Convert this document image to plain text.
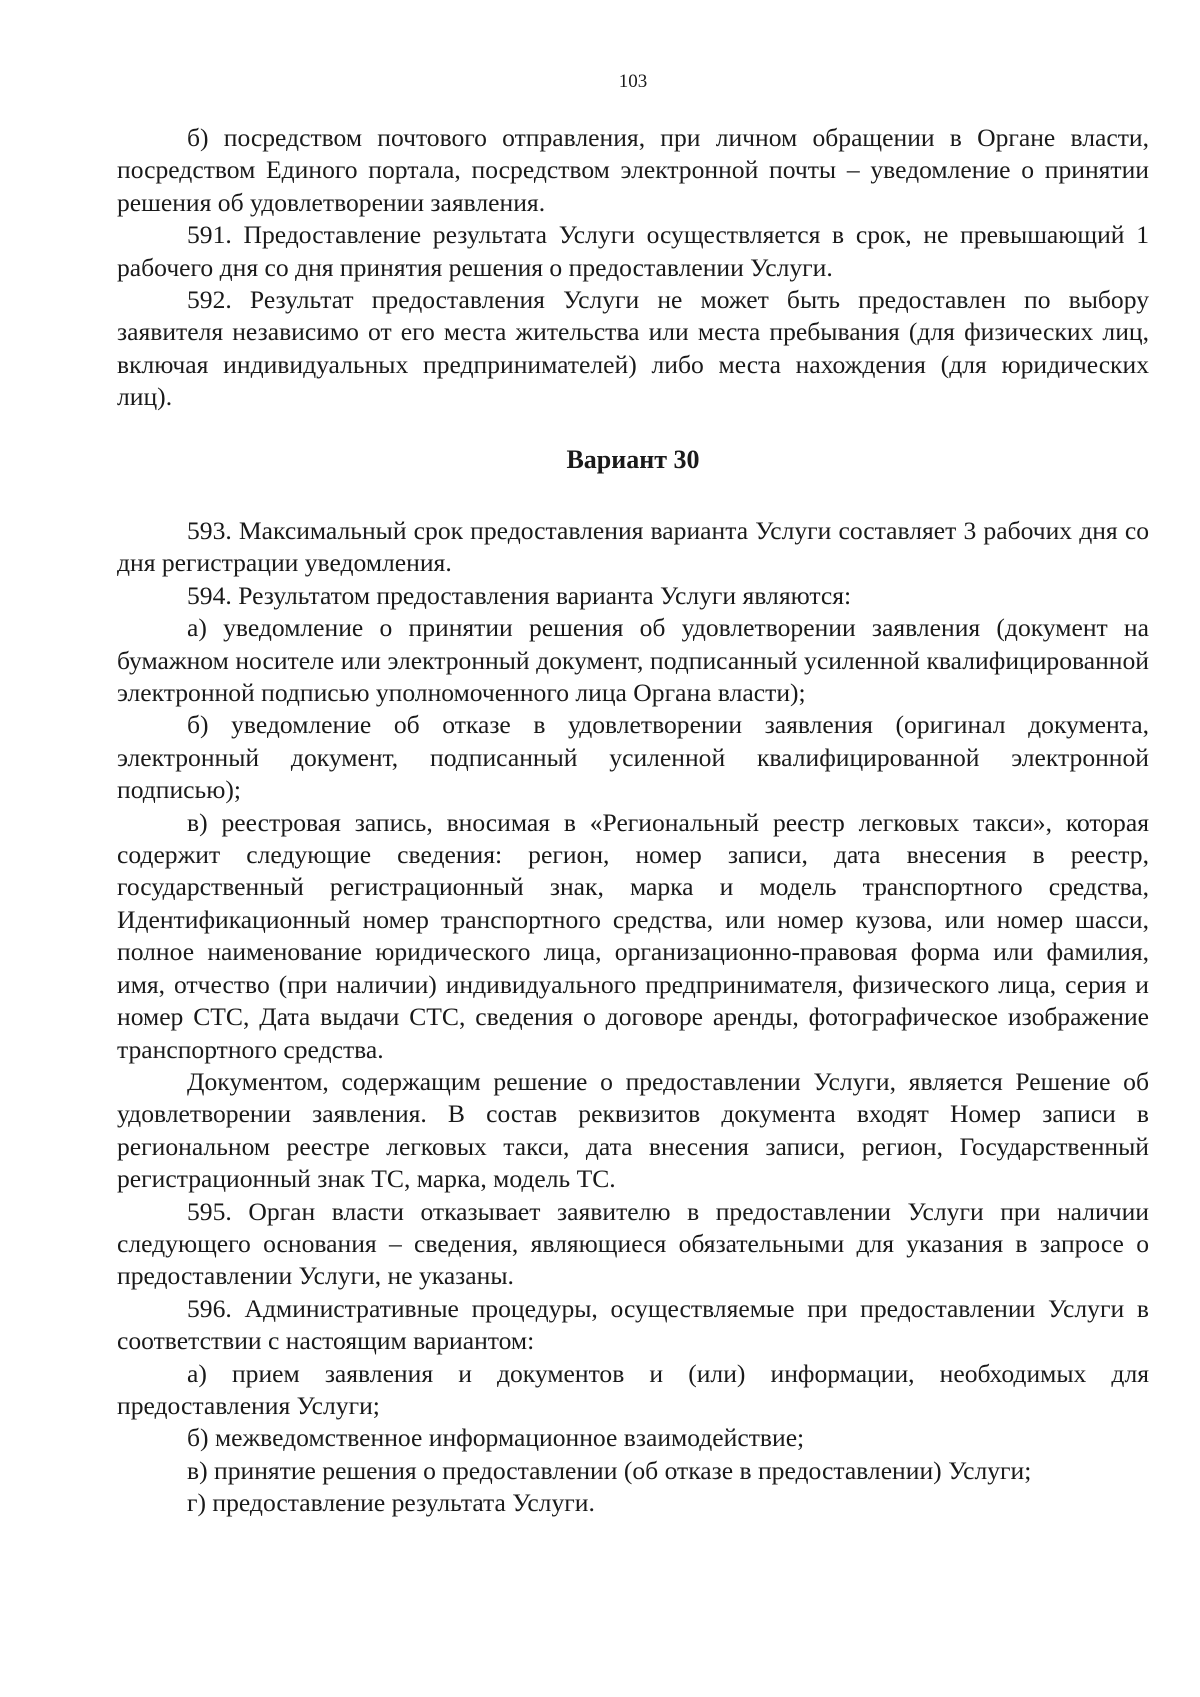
103

б) посредством почтового отправления, при личном обращении в Органе власти, посредством Единого портала, посредством электронной почты – уведомление о принятии решения об удовлетворении заявления.

591. Предоставление результата Услуги осуществляется в срок, не превышающий 1 рабочего дня со дня принятия решения о предоставлении Услуги.

592. Результат предоставления Услуги не может быть предоставлен по выбору заявителя независимо от его места жительства или места пребывания (для физических лиц, включая индивидуальных предпринимателей) либо места нахождения (для юридических лиц).

Вариант 30

593. Максимальный срок предоставления варианта Услуги составляет 3 рабочих дня со дня регистрации уведомления.

594. Результатом предоставления варианта Услуги являются:

а) уведомление о принятии решения об удовлетворении заявления (документ на бумажном носителе или электронный документ, подписанный усиленной квалифицированной электронной подписью уполномоченного лица Органа власти);

б) уведомление об отказе в удовлетворении заявления (оригинал документа, электронный документ, подписанный усиленной квалифицированной электронной подписью);

в) реестровая запись, вносимая в «Региональный реестр легковых такси», которая содержит следующие сведения: регион, номер записи, дата внесения в реестр, государственный регистрационный знак, марка и модель транспортного средства, Идентификационный номер транспортного средства, или номер кузова, или номер шасси, полное наименование юридического лица, организационно-правовая форма или фамилия, имя, отчество (при наличии) индивидуального предпринимателя, физического лица, серия и номер СТС, Дата выдачи СТС, сведения о договоре аренды, фотографическое изображение транспортного средства.

Документом, содержащим решение о предоставлении Услуги, является Решение об удовлетворении заявления. В состав реквизитов документа входят Номер записи в региональном реестре легковых такси, дата внесения записи, регион, Государственный регистрационный знак ТС, марка, модель ТС.

595. Орган власти отказывает заявителю в предоставлении Услуги при наличии следующего основания – сведения, являющиеся обязательными для указания в запросе о предоставлении Услуги, не указаны.

596. Административные процедуры, осуществляемые при предоставлении Услуги в соответствии с настоящим вариантом:

а) прием заявления и документов и (или) информации, необходимых для предоставления Услуги;

б) межведомственное информационное взаимодействие;

в) принятие решения о предоставлении (об отказе в предоставлении) Услуги;

г) предоставление результата Услуги.
